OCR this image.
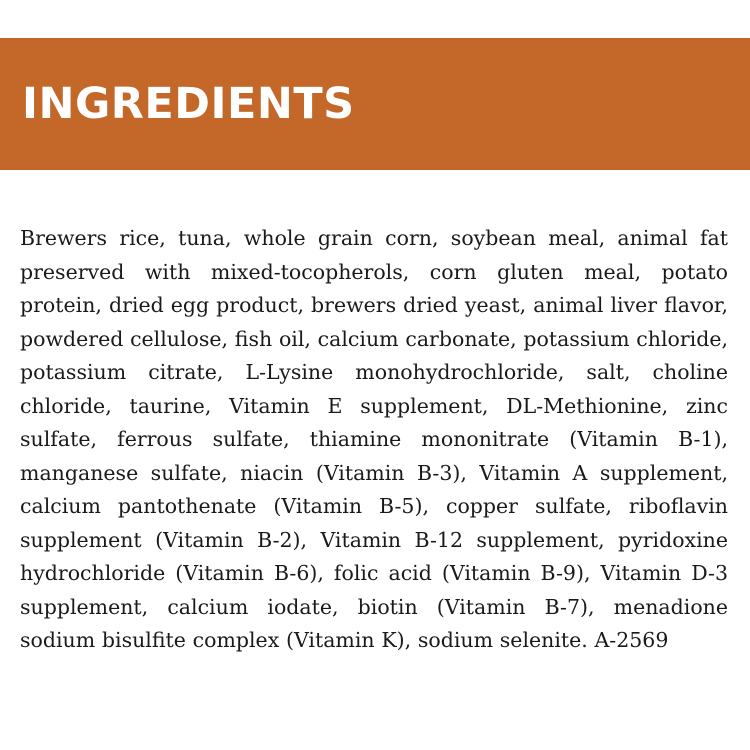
INGREDIENTS

Brewers rice, tuna, whole grain corn, soybean meal, animal fat preserved with mixed-tocopherols, corn gluten meal, potato protein, dried egg product, brewers dried yeast, animal liver flavor, powdered cellulose, fish oil, calcium carbonate, potassium chloride, potassium citrate, L-Lysine monohydrochloride, salt, choline chloride, taurine, Vitamin E supplement, DL-Methionine, zinc sulfate, ferrous sulfate, thiamine mononitrate (Vitamin B-1), manganese sulfate, niacin (Vitamin B-3), Vitamin A supplement, calcium pantothenate (Vitamin B-5), copper sulfate, riboflavin supplement (Vitamin B-2), Vitamin B-12 supplement, pyridoxine hydrochloride (Vitamin B-6), folic acid (Vitamin B-9), Vitamin D-3 supplement, calcium iodate, biotin (Vitamin B-7), menadione sodium bisulfite complex (Vitamin K), sodium selenite. A-2569
